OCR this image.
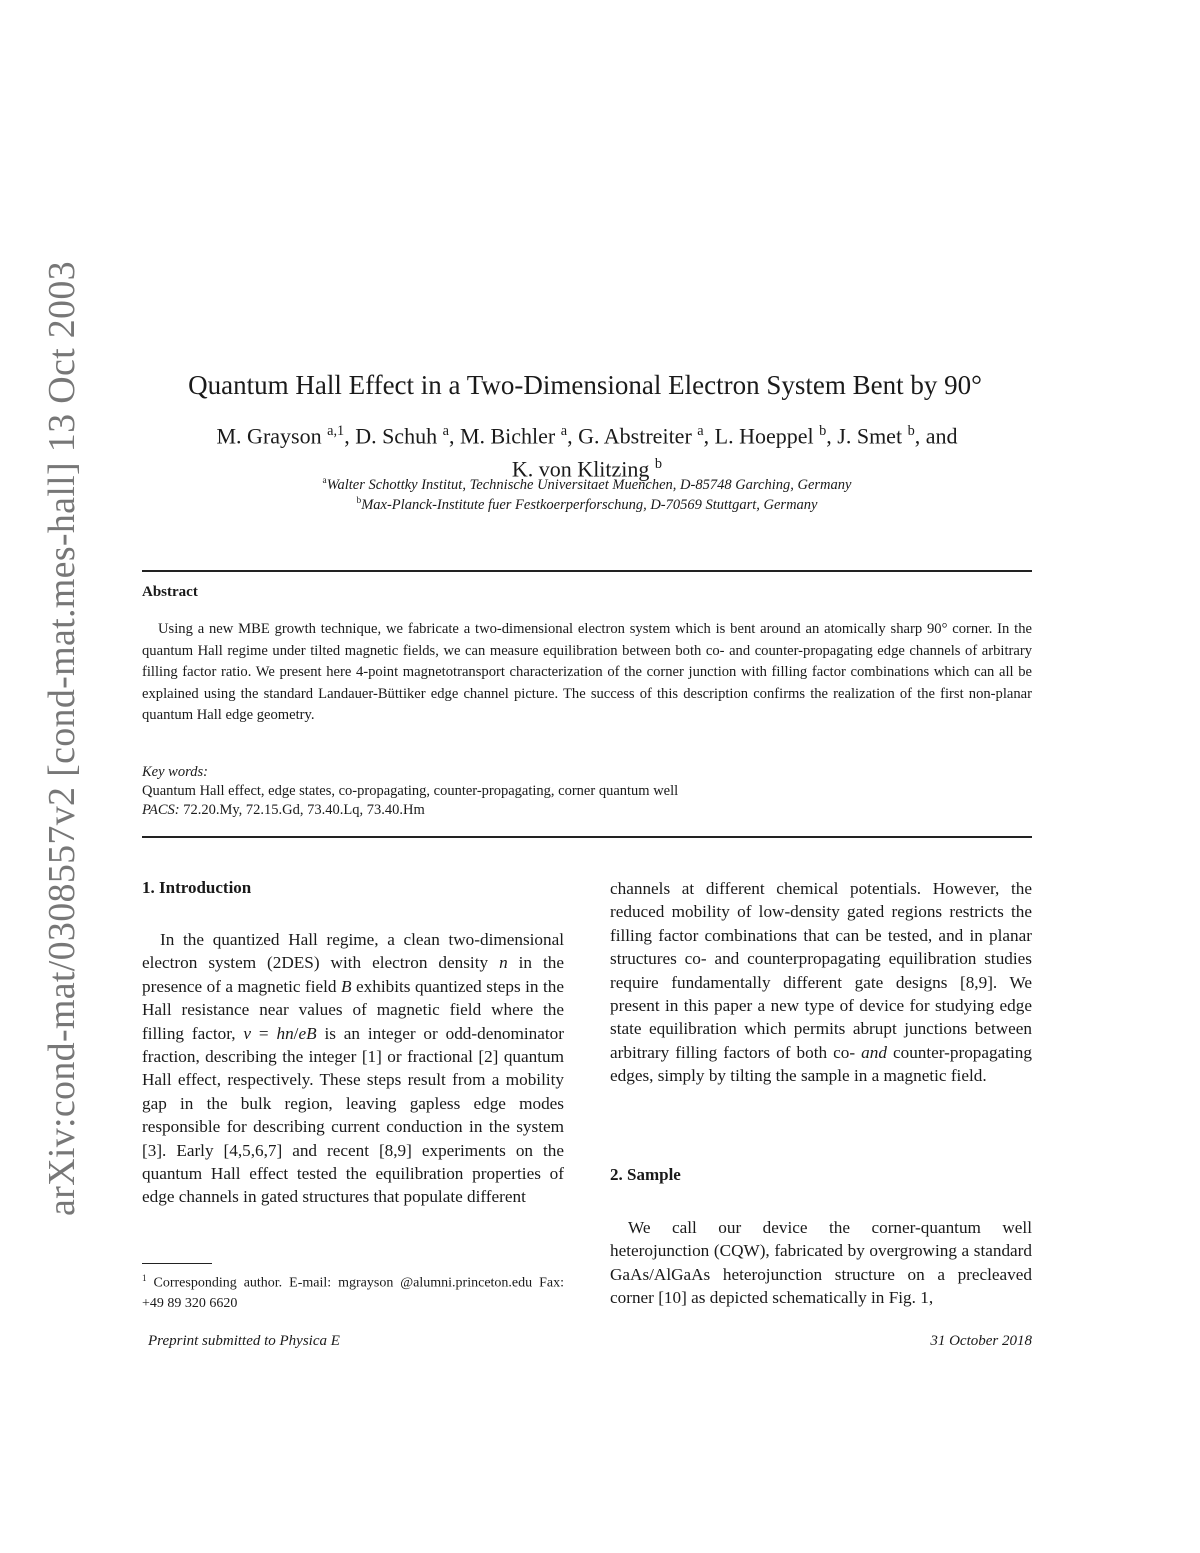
arXiv:cond-mat/0308557v2 [cond-mat.mes-hall] 13 Oct 2003	Quantum Hall Effect in a Two-Dimensional Electron System Bent by 90°
M. Grayson $^{a,1}$, D. Schuh $^a$, M. Bichler $^a$, G. Abstreiter $^a$, L. Hoeppel $^b$, J. Smet $^b$, and
K. von Klitzing $^b$
$^a$Walter Schottky Institut, Technische Universitaet Muenchen, D-85748 Garching, Germany
$^b$Max-Planck-Institute fuer Festkoerperforschung, D-70569 Stuttgart, Germany
Abstract
Using a new MBE growth technique, we fabricate a two-dimensional electron system which is bent around an atomically sharp 90° corner. In the quantum Hall regime under tilted magnetic fields, we can measure equilibration between both co- and counter-propagating edge channels of arbitrary filling factor ratio. We present here 4-point magnetotransport characterization of the corner junction with filling factor combinations which can all be explained using the standard Landauer-Büttiker edge channel picture. The success of this description confirms the realization of the first non-planar quantum Hall edge geometry.
Key words:
Quantum Hall effect, edge states, co-propagating, counter-propagating, corner quantum well
PACS: 72.20.My, 72.15.Gd, 73.40.Lq, 73.40.Hm
1. Introduction

In the quantized Hall regime, a clean two-dimensional electron system (2DES) with electron density n in the presence of a magnetic field B exhibits quantized steps in the Hall resistance near values of magnetic field where the filling factor, ν = hn/eB is an integer or odd-denominator fraction, describing the integer [1] or fractional [2] quantum Hall effect, respectively. These steps result from a mobility gap in the bulk region, leaving gapless edge modes responsible for describing current conduction in the system [3]. Early [4,5,6,7] and recent [8,9] experiments on the quantum Hall effect tested the equilibration properties of edge channels in gated structures that populate different

$^1$ Corresponding author. E-mail: mgrayson @alumni.princeton.edu Fax: +49 89 320 6620

channels at different chemical potentials. However, the reduced mobility of low-density gated regions restricts the filling factor combinations that can be tested, and in planar structures co- and counterpropagating equilibration studies require fundamentally different gate designs [8,9]. We present in this paper a new type of device for studying edge state equilibration which permits abrupt junctions between arbitrary filling factors of both co- and counter-propagating edges, simply by tilting the sample in a magnetic field.

2. Sample

We call our device the corner-quantum well heterojunction (CQW), fabricated by overgrowing a standard GaAs/AlGaAs heterojunction structure on a precleaved corner [10] as depicted schematically in Fig. 1,

Preprint submitted to Physica E	31 October 2018
